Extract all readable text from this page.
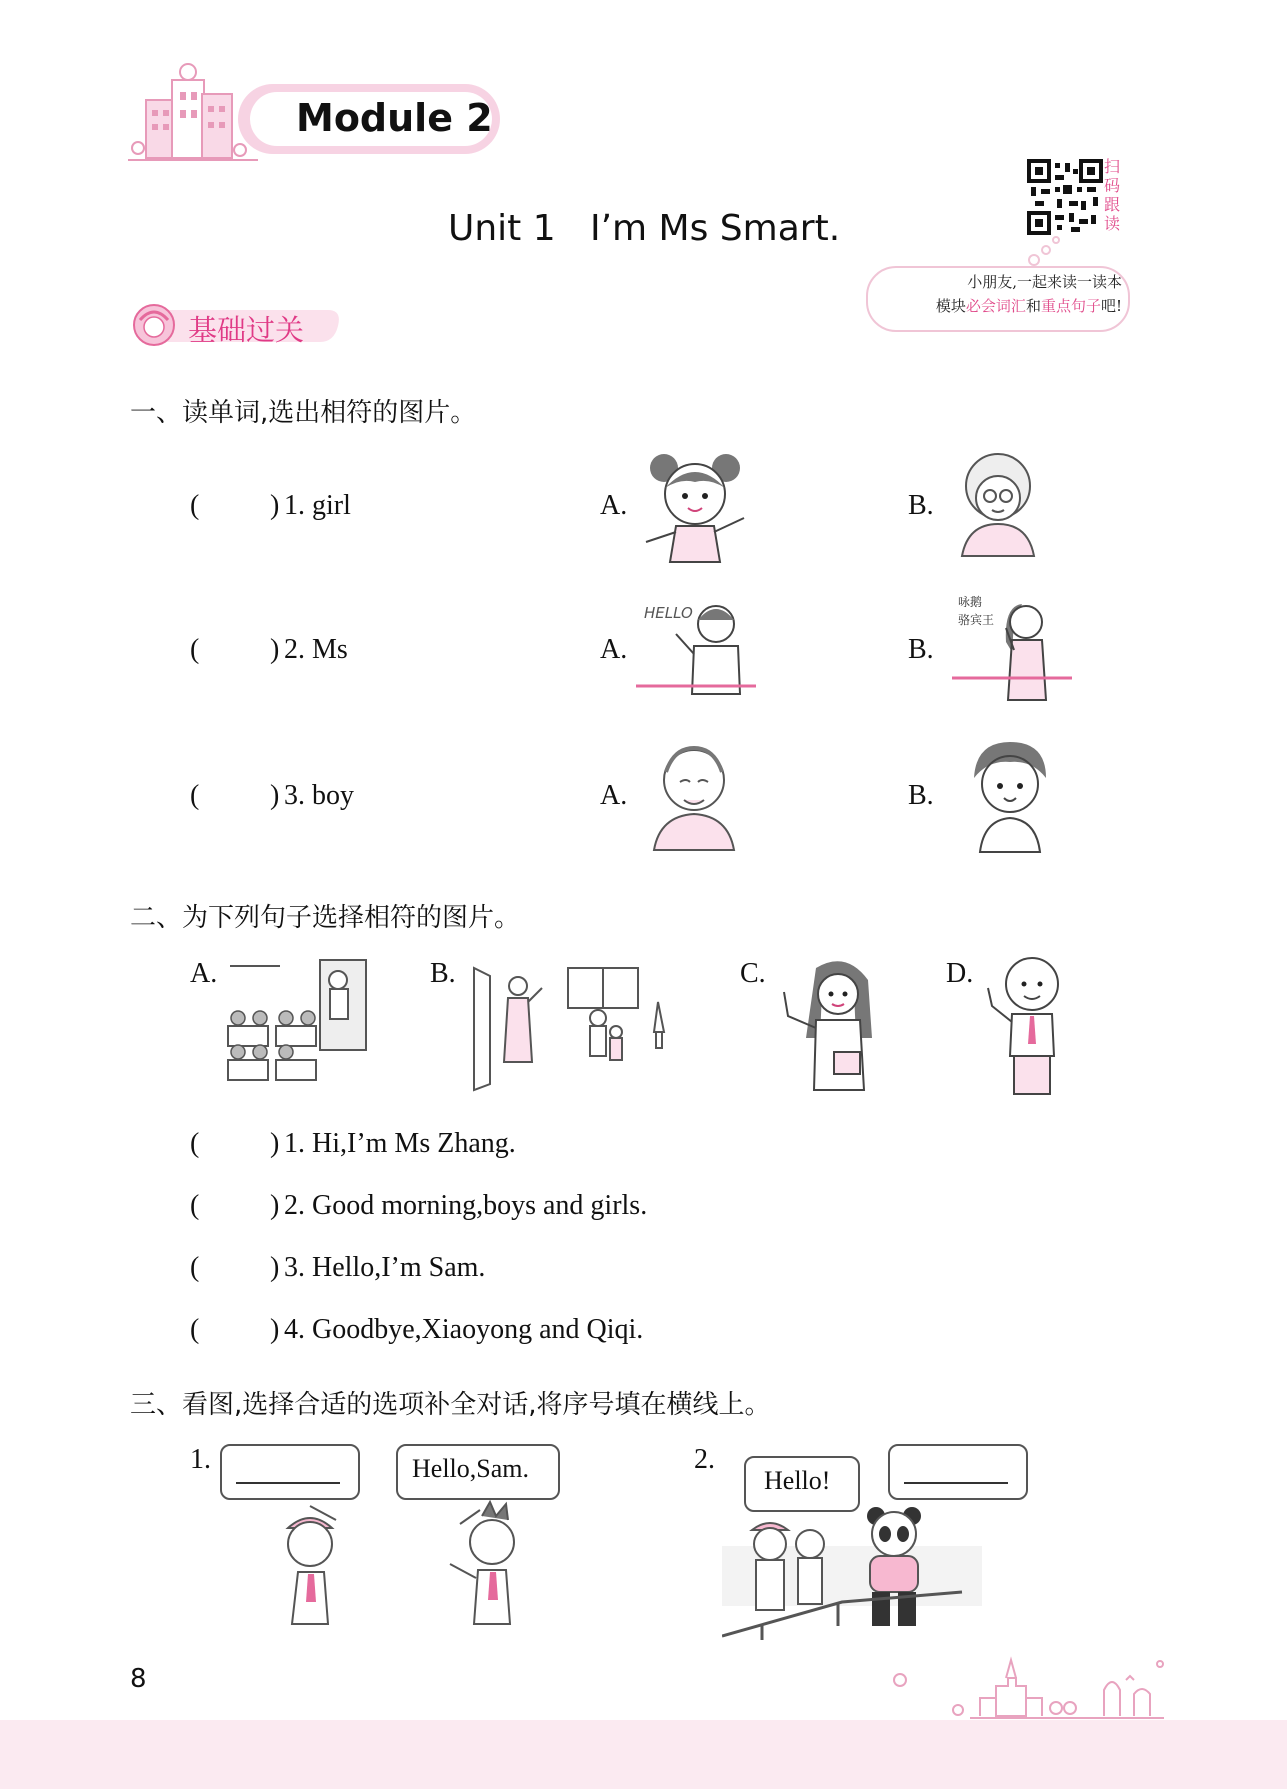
Module 2
Unit 1   I’m Ms Smart.
扫码跟读
小朋友,一起来读一读本
模块必会词汇和重点句子吧!
基础过关
一、读单词,选出相符的图片。
(	) 1. girl	A.	B.
(	) 2. Ms	A.	B.
(	) 3. boy	A.	B.
HELLO
咏鹅
骆宾王
二、为下列句子选择相符的图片。
A.	B.	C.	D.
(	) 1. Hi,I’m Ms Zhang.
(	) 2. Good morning,boys and girls.
(	) 3. Hello,I’m Sam.
(	) 4. Goodbye,Xiaoyong and Qiqi.
三、看图,选择合适的选项补全对话,将序号填在横线上。
1.	Hello,Sam.	2.
Hello!
8
